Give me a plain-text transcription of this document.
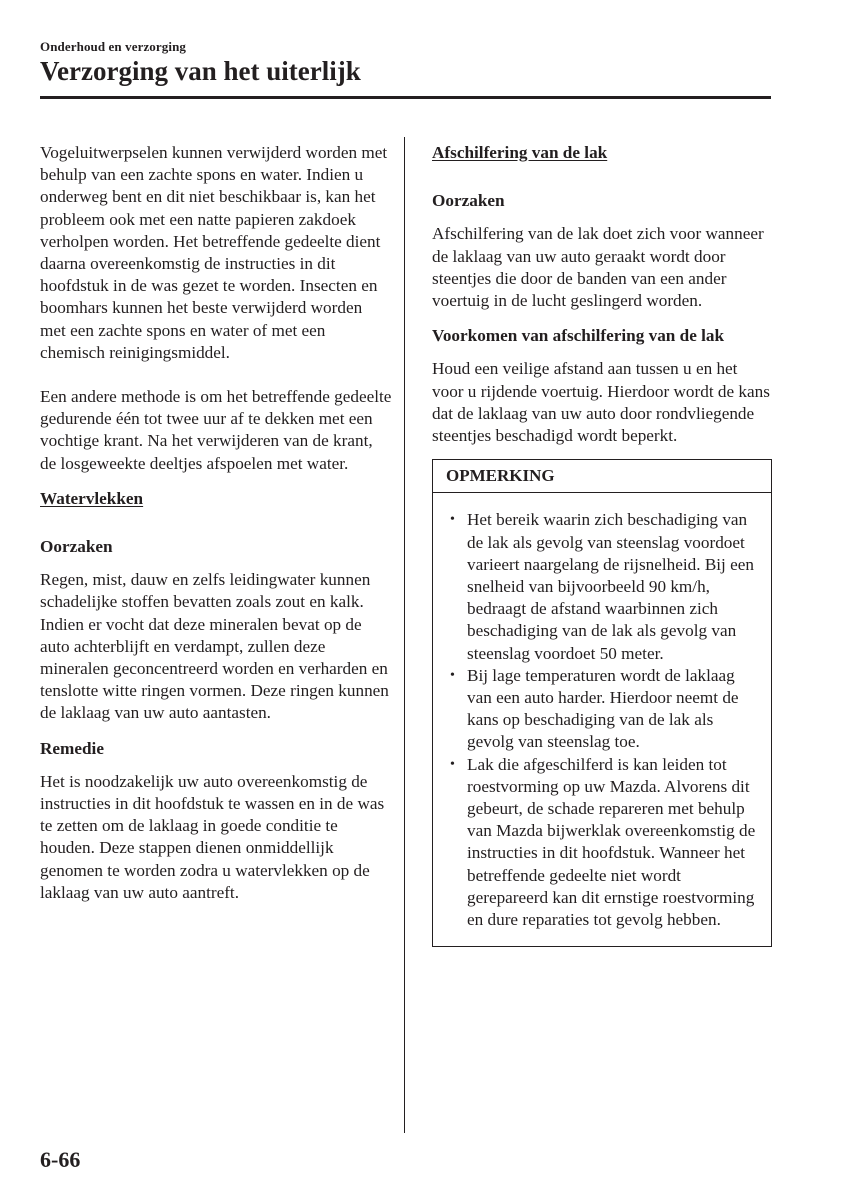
Onderhoud en verzorging
Verzorging van het uiterlijk

Vogeluitwerpselen kunnen verwijderd worden met behulp van een zachte spons en water. Indien u onderweg bent en dit niet beschikbaar is, kan het probleem ook met een natte papieren zakdoek verholpen worden. Het betreffende gedeelte dient daarna overeenkomstig de instructies in dit hoofdstuk in de was gezet te worden. Insecten en boomhars kunnen het beste verwijderd worden met een zachte spons en water of met een chemisch reinigingsmiddel.

Een andere methode is om het betreffende gedeelte gedurende één tot twee uur af te dekken met een vochtige krant. Na het verwijderen van de krant, de losgeweekte deeltjes afspoelen met water.

Watervlekken

Oorzaken

Regen, mist, dauw en zelfs leidingwater kunnen schadelijke stoffen bevatten zoals zout en kalk. Indien er vocht dat deze mineralen bevat op de auto achterblijft en verdampt, zullen deze mineralen geconcentreerd worden en verharden en tenslotte witte ringen vormen. Deze ringen kunnen de laklaag van uw auto aantasten.

Remedie

Het is noodzakelijk uw auto overeenkomstig de instructies in dit hoofdstuk te wassen en in de was te zetten om de laklaag in goede conditie te houden. Deze stappen dienen onmiddellijk genomen te worden zodra u watervlekken op de laklaag van uw auto aantreft.

Afschilfering van de lak

Oorzaken

Afschilfering van de lak doet zich voor wanneer de laklaag van uw auto geraakt wordt door steentjes die door de banden van een ander voertuig in de lucht geslingerd worden.

Voorkomen van afschilfering van de lak

Houd een veilige afstand aan tussen u en het voor u rijdende voertuig. Hierdoor wordt de kans dat de laklaag van uw auto door rondvliegende steentjes beschadigd wordt beperkt.

OPMERKING
• Het bereik waarin zich beschadiging van de lak als gevolg van steenslag voordoet varieert naargelang de rijsnelheid. Bij een snelheid van bijvoorbeeld 90 km/h, bedraagt de afstand waarbinnen zich beschadiging van de lak als gevolg van steenslag voordoet 50 meter.
• Bij lage temperaturen wordt de laklaag van een auto harder. Hierdoor neemt de kans op beschadiging van de lak als gevolg van steenslag toe.
• Lak die afgeschilferd is kan leiden tot roestvorming op uw Mazda. Alvorens dit gebeurt, de schade repareren met behulp van Mazda bijwerklak overeenkomstig de instructies in dit hoofdstuk. Wanneer het betreffende gedeelte niet wordt gerepareerd kan dit ernstige roestvorming en dure reparaties tot gevolg hebben.
6-66
